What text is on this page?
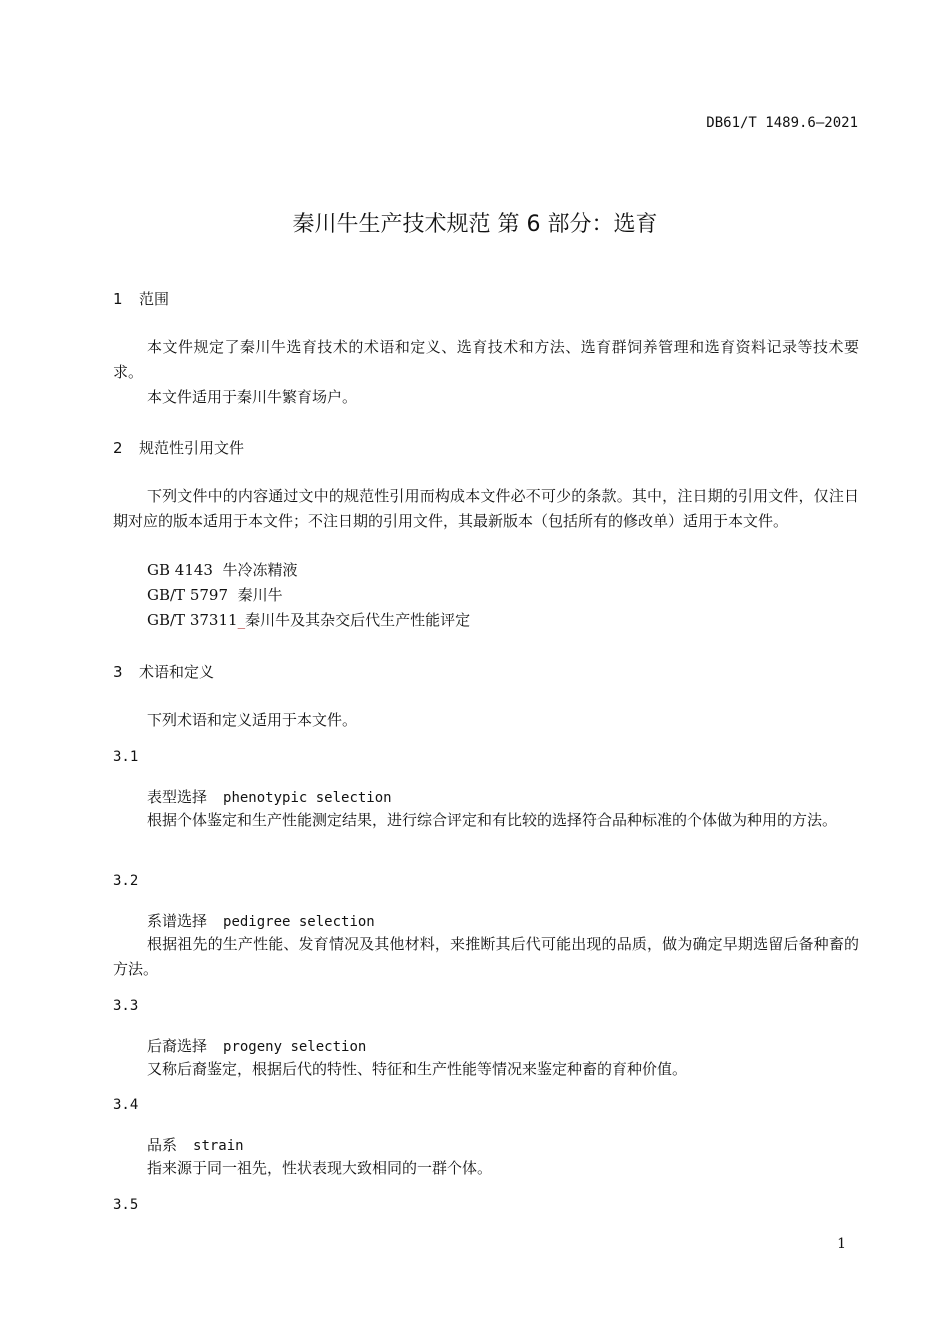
DB61/T 1489.6—2021
秦川牛生产技术规范 第 6 部分：选育
1 范围
本文件规定了秦川牛选育技术的术语和定义、选育技术和方法、选育群饲养管理和选育资料记录等技术要求。
本文件适用于秦川牛繁育场户。
2 规范性引用文件
下列文件中的内容通过文中的规范性引用而构成本文件必不可少的条款。其中，注日期的引用文件，仅注日期对应的版本适用于本文件；不注日期的引用文件，其最新版本（包括所有的修改单）适用于本文件。
GB 4143 牛冷冻精液
GB/T 5797 秦川牛
GB/T 37311_秦川牛及其杂交后代生产性能评定
3 术语和定义
下列术语和定义适用于本文件。
3.1
表型选择 phenotypic selection
根据个体鉴定和生产性能测定结果，进行综合评定和有比较的选择符合品种标准的个体做为种用的方法。
3.2
系谱选择 pedigree selection
根据祖先的生产性能、发育情况及其他材料，来推断其后代可能出现的品质，做为确定早期选留后备种畜的方法。
3.3
后裔选择 progeny selection
又称后裔鉴定，根据后代的特性、特征和生产性能等情况来鉴定种畜的育种价值。
3.4
品系 strain
指来源于同一祖先，性状表现大致相同的一群个体。
3.5
1
